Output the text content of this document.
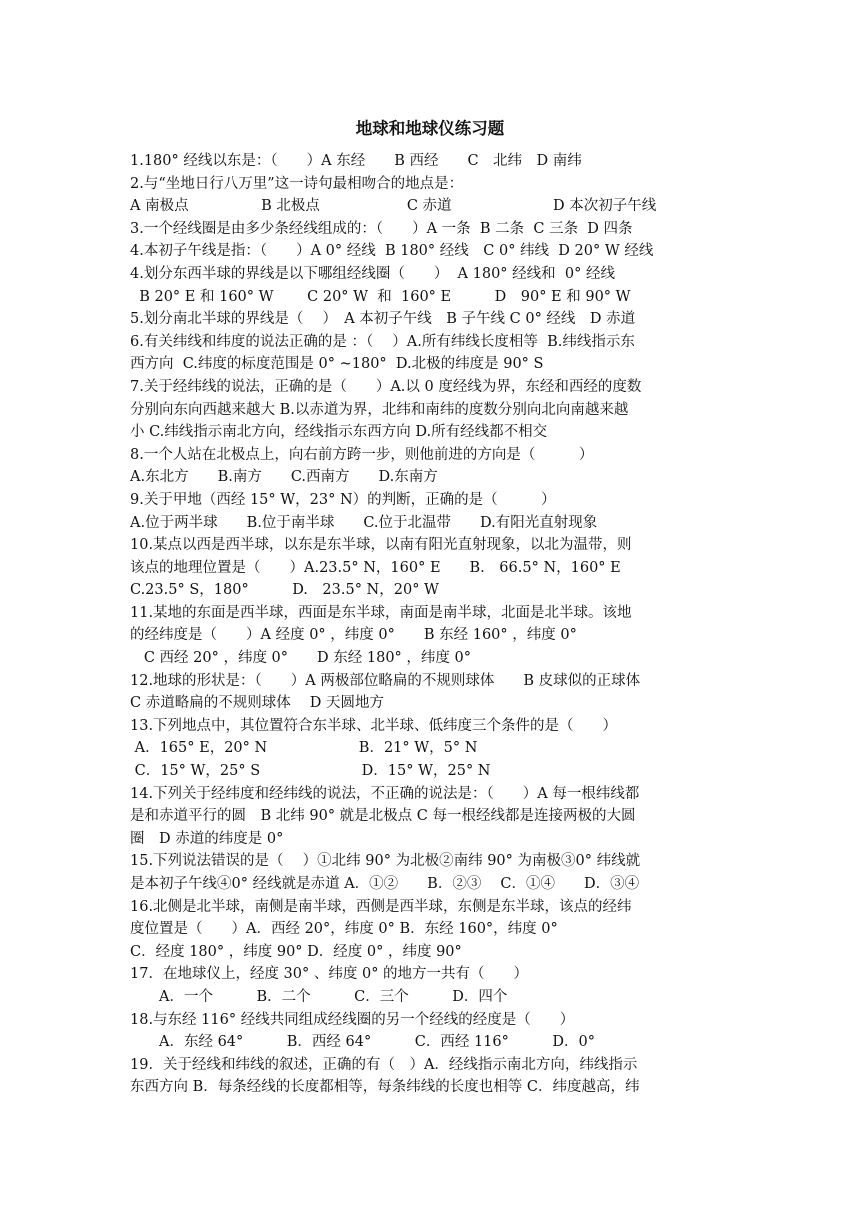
地球和地球仪练习题
1.180° 经线以东是：（　　）A 东经　　B 西经　　C　北纬　D 南纬
2.与“坐地日行八万里”这一诗句最相吻合的地点是：
A 南极点　　　　　B 北极点　　　　　　C 赤道　　　　　　　D 本次初子午线
3.一个经线圈是由多少条经线组成的：（　　）A 一条  B 二条  C 三条  D 四条
4.本初子午线是指：（　　）A 0° 经线  B 180° 经线　C 0° 纬线  D 20° W 经线
4.划分东西半球的界线是以下哪组经线圈（　　）  A 180° 经线和  0° 经线
B 20° E 和 160° W　　 C 20° W  和  160° E　　　D　90° E 和 90° W
5.划分南北半球的界线是（　 ）　A 本初子午线　B 子午线 C 0° 经线　D 赤道
6.有关纬线和纬度的说法正确的是 ：（　 ）A.所有纬线长度相等  B.纬线指示东
西方向  C.纬度的标度范围是 0° ~180°  D.北极的纬度是 90° S
7.关于经纬线的说法，正确的是（　　）A.以 0 度经线为界，东经和西经的度数
分别向东向西越来越大 B.以赤道为界，北纬和南纬的度数分别向北向南越来越
小 C.纬线指示南北方向，经线指示东西方向 D.所有经线都不相交
8.一个人站在北极点上，向右前方跨一步，则他前进的方向是（　　　）
A.东北方　　B.南方　　C.西南方　　D.东南方
9.关于甲地（西经 15° W，23° N）的判断，正确的是（　　　）
A.位于两半球　　B.位于南半球　　C.位于北温带　　D.有阳光直射现象
10.某点以西是西半球，以东是东半球，以南有阳光直射现象，以北为温带，则
该点的地理位置是（　　）A.23.5° N，160° E　　B.　66.5° N，160° E
C.23.5° S，180°　　　D.　23.5° N，20° W
11.某地的东面是西半球，西面是东半球，南面是南半球，北面是北半球。该地
的经纬度是（　　）A 经度 0° ，纬度 0°　　B 东经 160° ，纬度 0°
C 西经 20° ，纬度 0°　　D 东经 180° ，纬度 0°
12.地球的形状是：（　　）A 两极部位略扁的不规则球体　　B 皮球似的正球体
C 赤道略扁的不规则球体　 D 天圆地方
13.下列地点中，其位置符合东半球、北半球、低纬度三个条件的是（　　）
A．165° E，20° N　　　　　　 B．21° W，5° N
C．15° W，25° S　　　　　　　D．15° W，25° N
14.下列关于经纬度和经纬线的说法，不正确的说法是：（　　）A 每一根纬线都
是和赤道平行的圆　B 北纬 90° 就是北极点 C 每一根经线都是连接两极的大圆
圈　D 赤道的纬度是 0°
15.下列说法错误的是（　 ）①北纬 90° 为北极②南纬 90° 为南极③0° 纬线就
是本初子午线④0° 经线就是赤道 A．①②　　B．②③　 C．①④　　D．③④
16.北侧是北半球，南侧是南半球，西侧是西半球，东侧是东半球，该点的经纬
度位置是（　　）A．西经 20°，纬度 0° B．东经 160°，纬度 0°
C．经度 180° ，纬度 90° D．经度 0° ，纬度 90°
17．在地球仪上，经度 30° 、纬度 0° 的地方一共有（　　）
　　A．一个　　　B．二个　　　C．三个　　　D．四个
18.与东经 116° 经线共同组成经线圈的另一个经线的经度是（　　）
　　A．东经 64°　　　B．西经 64°　　　C．西经 116°　　　D．0°
19．关于经线和纬线的叙述，正确的有（　）A．经线指示南北方向，纬线指示
东西方向 B．每条经线的长度都相等，每条纬线的长度也相等 C．纬度越高，纬
